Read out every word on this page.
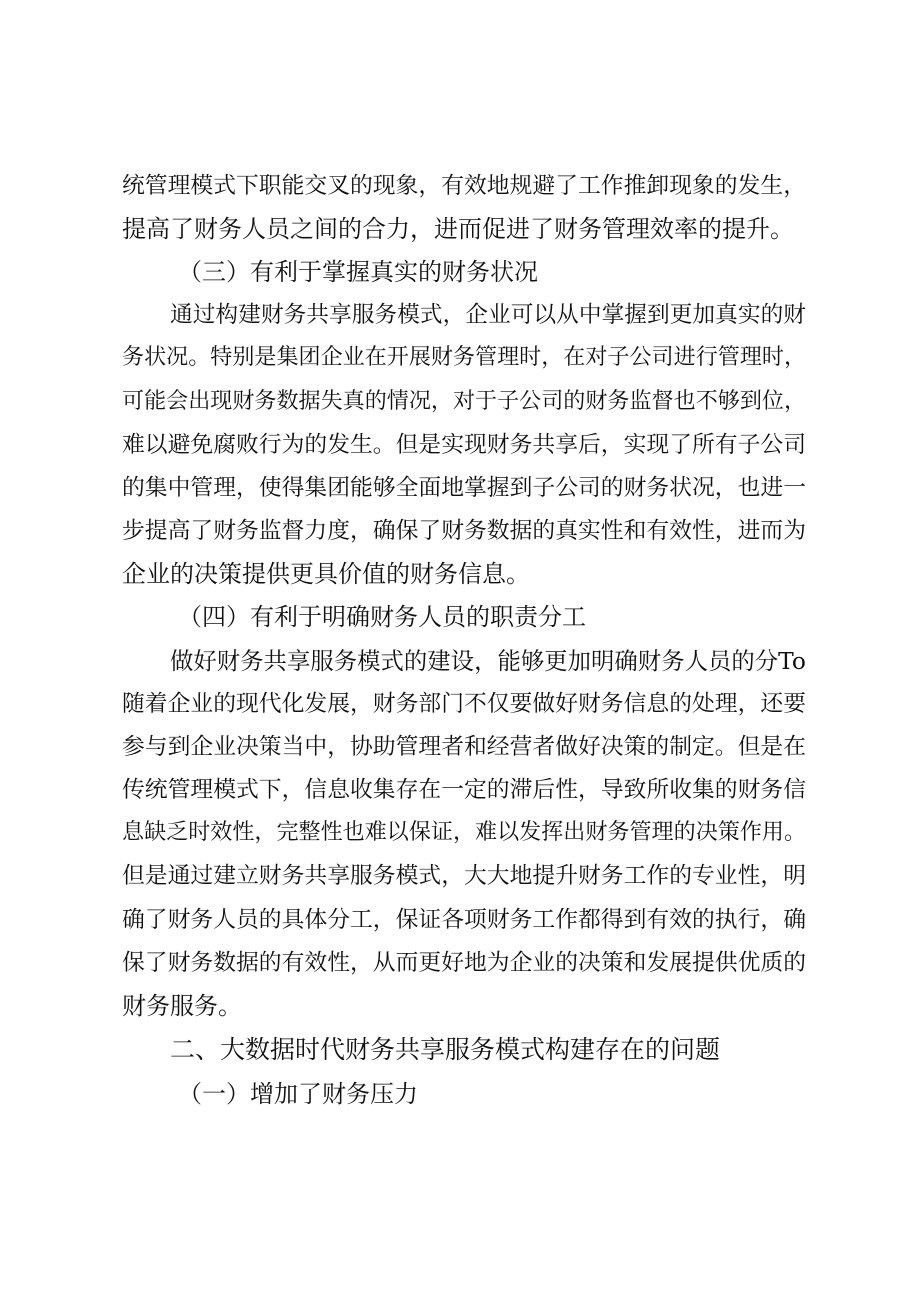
统管理模式下职能交叉的现象，有效地规避了工作推卸现象的发生，
提高了财务人员之间的合力，进而促进了财务管理效率的提升。
（三）有利于掌握真实的财务状况
通过构建财务共享服务模式，企业可以从中掌握到更加真实的财
务状况。特别是集团企业在开展财务管理时，在对子公司进行管理时，
可能会出现财务数据失真的情况，对于子公司的财务监督也不够到位，
难以避免腐败行为的发生。但是实现财务共享后，实现了所有子公司
的集中管理，使得集团能够全面地掌握到子公司的财务状况，也进一
步提高了财务监督力度，确保了财务数据的真实性和有效性，进而为
企业的决策提供更具价值的财务信息。
（四）有利于明确财务人员的职责分工
做好财务共享服务模式的建设，能够更加明确财务人员的分To
随着企业的现代化发展，财务部门不仅要做好财务信息的处理，还要
参与到企业决策当中，协助管理者和经营者做好决策的制定。但是在
传统管理模式下，信息收集存在一定的滞后性，导致所收集的财务信
息缺乏时效性，完整性也难以保证，难以发挥出财务管理的决策作用。
但是通过建立财务共享服务模式，大大地提升财务工作的专业性，明
确了财务人员的具体分工，保证各项财务工作都得到有效的执行，确
保了财务数据的有效性，从而更好地为企业的决策和发展提供优质的
财务服务。
二、大数据时代财务共享服务模式构建存在的问题
（一）增加了财务压力
